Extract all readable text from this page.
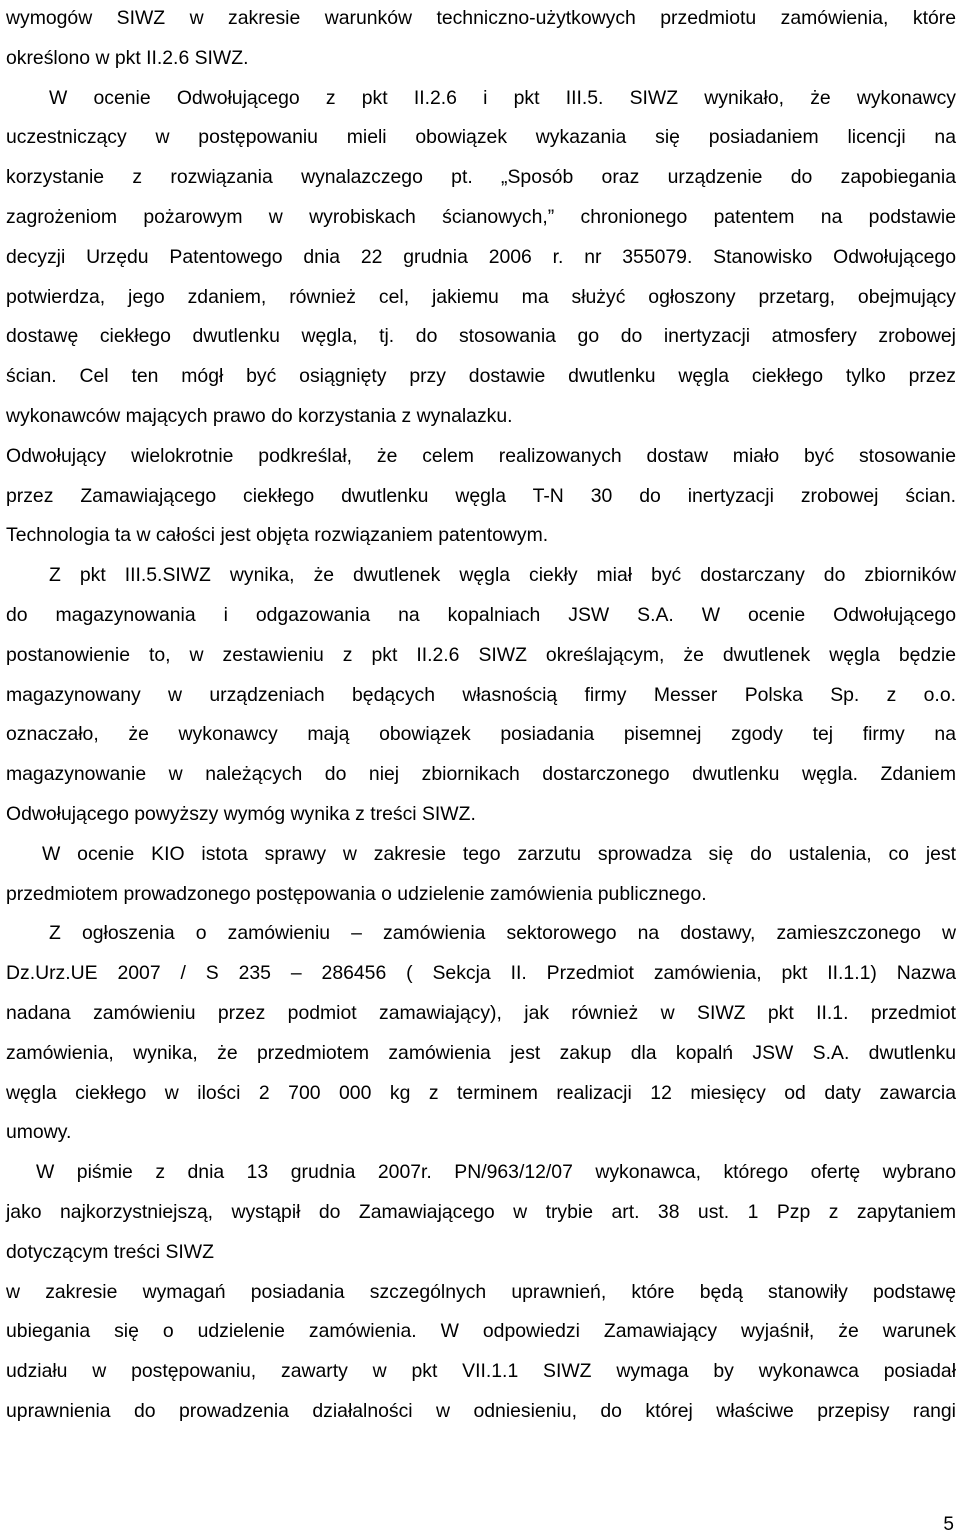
wymogów SIWZ w zakresie warunków techniczno-użytkowych przedmiotu zamówienia, które
określono w pkt II.2.6 SIWZ.
W ocenie Odwołującego z pkt II.2.6 i pkt III.5. SIWZ wynikało, że wykonawcy
uczestniczący w postępowaniu mieli obowiązek wykazania się posiadaniem licencji na
korzystanie z rozwiązania wynalazczego pt. „Sposób oraz urządzenie do zapobiegania
zagrożeniom pożarowym w wyrobiskach ścianowych,” chronionego patentem na podstawie
decyzji Urzędu Patentowego dnia 22 grudnia 2006 r. nr 355079. Stanowisko Odwołującego
potwierdza, jego zdaniem, również cel, jakiemu ma służyć ogłoszony przetarg, obejmujący
dostawę ciekłego dwutlenku węgla, tj. do stosowania go do inertyzacji atmosfery zrobowej
ścian. Cel ten mógł być osiągnięty przy dostawie dwutlenku węgla ciekłego tylko przez
wykonawców mających prawo do korzystania z wynalazku.
Odwołujący wielokrotnie podkreślał, że celem realizowanych dostaw miało być stosowanie
przez Zamawiającego ciekłego dwutlenku węgla T-N 30 do inertyzacji zrobowej ścian.
Technologia ta w całości jest objęta rozwiązaniem patentowym.
Z pkt III.5.SIWZ wynika, że dwutlenek węgla ciekły miał być dostarczany do zbiorników
do magazynowania i odgazowania na kopalniach JSW S.A. W ocenie Odwołującego
postanowienie to, w zestawieniu z pkt II.2.6 SIWZ określającym, że dwutlenek węgla będzie
magazynowany w urządzeniach będących własnością firmy Messer Polska Sp. z o.o.
oznaczało, że wykonawcy mają obowiązek posiadania pisemnej zgody tej firmy na
magazynowanie w należących do niej zbiornikach dostarczonego dwutlenku węgla. Zdaniem
Odwołującego powyższy wymóg wynika z treści SIWZ.
W ocenie KIO istota sprawy w zakresie tego zarzutu sprowadza się do ustalenia, co jest
przedmiotem prowadzonego postępowania o udzielenie zamówienia publicznego.
Z ogłoszenia o zamówieniu – zamówienia sektorowego na dostawy, zamieszczonego w
Dz.Urz.UE 2007 / S 235 – 286456 ( Sekcja II. Przedmiot zamówienia, pkt II.1.1) Nazwa
nadana zamówieniu przez podmiot zamawiający), jak również w SIWZ pkt II.1. przedmiot
zamówienia, wynika, że przedmiotem zamówienia jest zakup dla kopalń JSW S.A. dwutlenku
węgla ciekłego w ilości 2 700 000 kg z terminem realizacji 12 miesięcy od daty zawarcia
umowy.
W piśmie z dnia 13 grudnia 2007r. PN/963/12/07 wykonawca, którego ofertę wybrano
jako najkorzystniejszą, wystąpił do Zamawiającego w trybie art. 38 ust. 1 Pzp z zapytaniem
dotyczącym treści SIWZ
w zakresie wymagań posiadania szczególnych uprawnień, które będą stanowiły podstawę
ubiegania się o udzielenie zamówienia. W odpowiedzi Zamawiający wyjaśnił, że warunek
udziału w postępowaniu, zawarty w pkt VII.1.1 SIWZ wymaga by wykonawca posiadał
uprawnienia do prowadzenia działalności w odniesieniu, do której właściwe przepisy rangi
5
